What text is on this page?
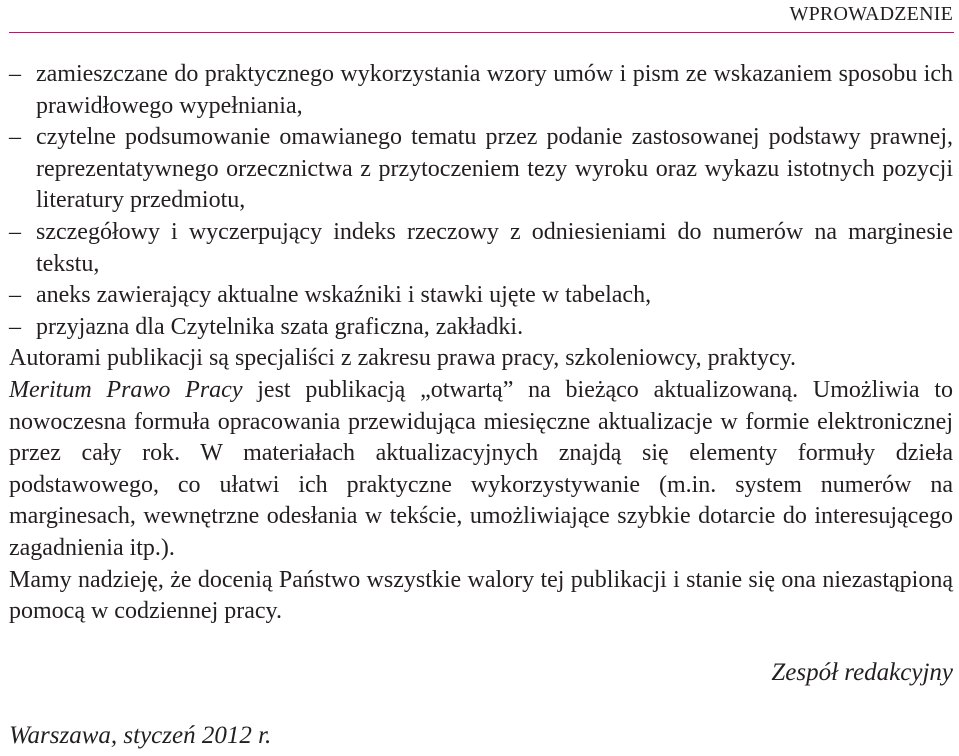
WPROWADZENIE

– zamieszczane do praktycznego wykorzystania wzory umów i pism ze wskazaniem sposobu ich prawidłowego wypełniania,

– czytelne podsumowanie omawianego tematu przez podanie zastosowanej podstawy prawnej, reprezentatywnego orzecznictwa z przytoczeniem tezy wyroku oraz wykazu istotnych pozycji literatury przedmiotu,

– szczegółowy i wyczerpujący indeks rzeczowy z odniesieniami do numerów na marginesie tekstu,

– aneks zawierający aktualne wskaźniki i stawki ujęte w tabelach,

– przyjazna dla Czytelnika szata graficzna, zakładki.

Autorami publikacji są specjaliści z zakresu prawa pracy, szkoleniowcy, praktycy.

Meritum Prawo Pracy jest publikacją „otwartą” na bieżąco aktualizowaną. Umożliwia to nowoczesna formuła opracowania przewidująca miesięczne aktualizacje w formie elektronicznej przez cały rok. W materiałach aktualizacyjnych znajdą się elementy formuły dzieła podstawowego, co ułatwi ich praktyczne wykorzystywanie (m.in. system numerów na marginesach, wewnętrzne odesłania w tekście, umożliwiające szybkie dotarcie do interesującego zagadnienia itp.).

Mamy nadzieję, że docenią Państwo wszystkie walory tej publikacji i stanie się ona niezastąpioną pomocą w codziennej pracy.

Zespół redakcyjny
Warszawa, styczeń 2012 r.
